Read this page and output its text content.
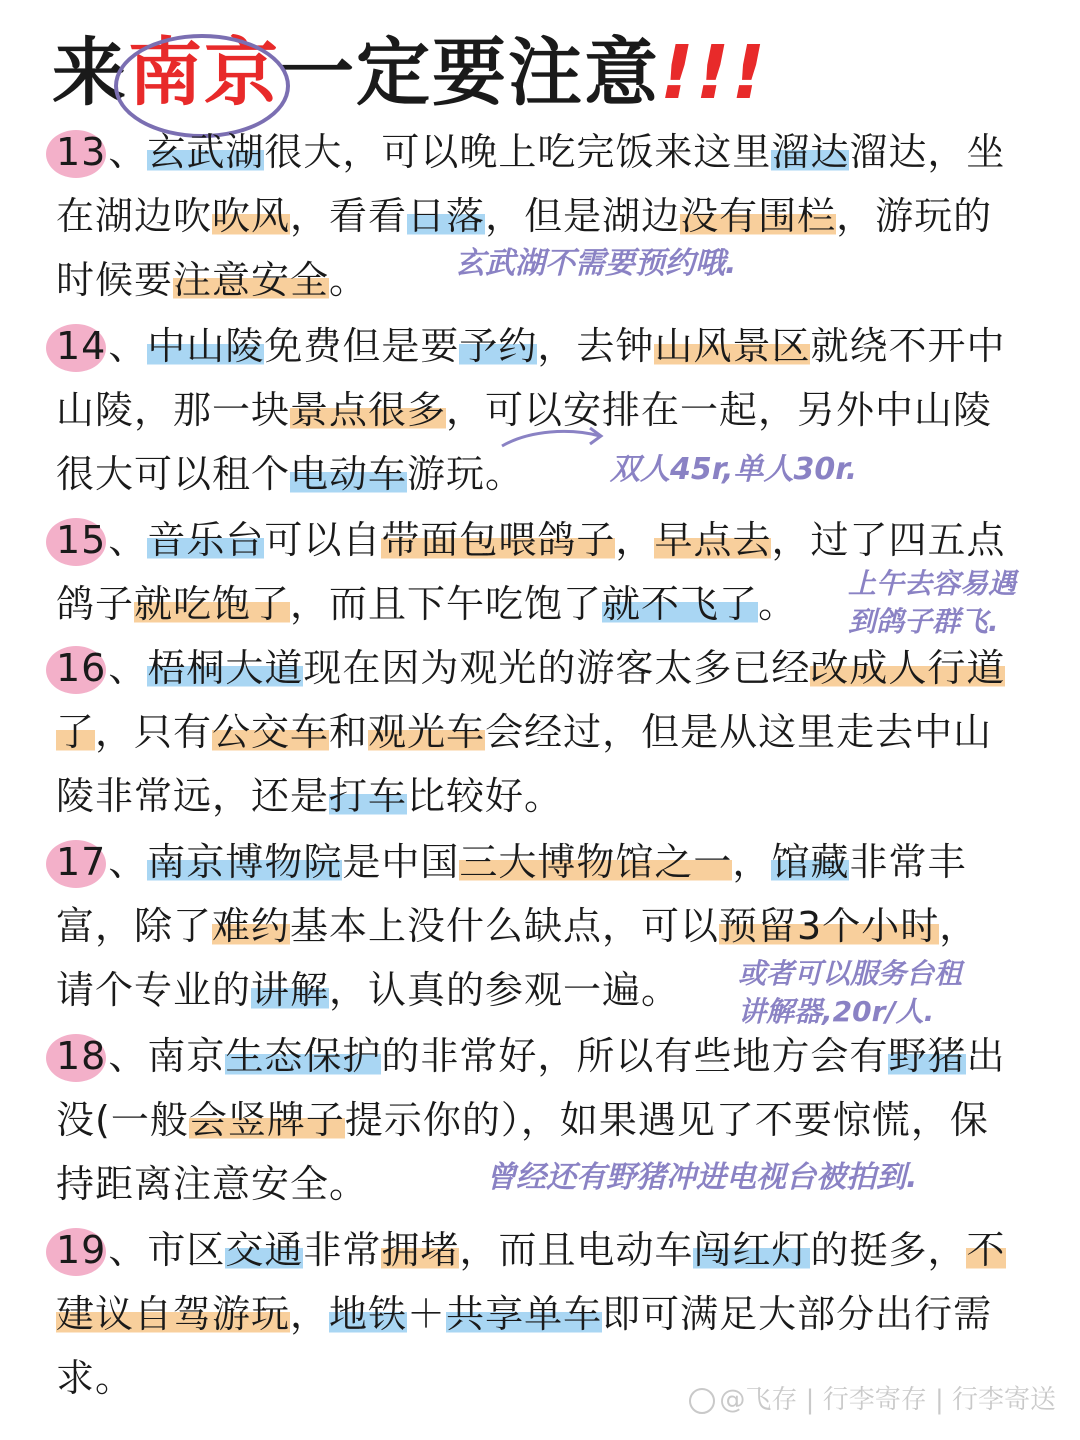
来
南京一定要注意!!!
13、玄武湖很大，可以晚上吃完饭来这里溜达溜达，坐在湖边吹吹风，看看日落，但是湖边没有围栏，游玩的时候要注意安全。
14、中山陵免费但是要予约，去钟山风景区就绕不开中山陵，那一块景点很多，可以安排在一起，另外中山陵很大可以租个电动车游玩。
15、音乐台可以自带面包喂鸽子，早点去，过了四五点鸽子就吃饱了，而且下午吃饱了就不飞了。
16、梧桐大道现在因为观光的游客太多已经改成人行道了，只有公交车和观光车会经过，但是从这里走去中山陵非常远，还是打车比较好。
17、南京博物院是中国三大博物馆之一，馆藏非常丰富，除了难约基本上没什么缺点，可以预留3个小时，请个专业的讲解，认真的参观一遍。
18、南京生态保护的非常好，所以有些地方会有野猪出没(一般会竖牌子提示你的），如果遇见了不要惊慌，保持距离注意安全。
19、市区交通非常拥堵，而且电动车闯红灯的挺多，不建议自驾游玩，地铁＋共享单车即可满足大部分出行需求。
玄武湖不需要预约哦.
双人45r,单人30r.
上午去容易遇
到鸽子群飞.
或者可以服务台租
讲解器,20r/人.
曾经还有野猪冲进电视台被拍到.
@飞存 | 行李寄存 | 行李寄送
